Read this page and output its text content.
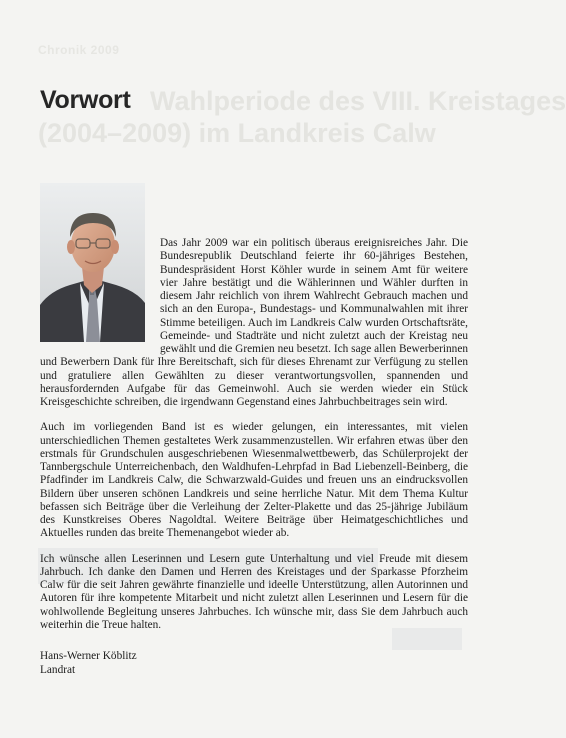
Chronik 2009
Wahlperiode des VIII. Kreistages
(2004–2009) im Landkreis Calw
Vorwort

Das Jahr 2009 war ein politisch überaus ereignisreiches Jahr. Die Bundesrepublik Deutschland feierte ihr 60-jähriges Bestehen, Bundespräsident Horst Köhler wurde in seinem Amt für weitere vier Jahre bestätigt und die Wählerinnen und Wähler durften in diesem Jahr reichlich von ihrem Wahlrecht Gebrauch machen und sich an den Europa-, Bundestags- und Kommunalwahlen mit ihrer Stimme beteiligen. Auch im Landkreis Calw wurden Ortschaftsräte, Gemeinde- und Stadträte und nicht zuletzt auch der Kreistag neu gewählt und die Gremien neu besetzt. Ich sage allen Bewerberinnen und Bewerbern Dank für Ihre Bereitschaft, sich für dieses Ehrenamt zur Verfügung zu stellen und gratuliere allen Gewählten zu dieser verantwortungsvollen, spannenden und herausfordernden Aufgabe für das Gemeinwohl. Auch sie werden wieder ein Stück Kreisgeschichte schreiben, die irgendwann Gegenstand eines Jahrbuchbeitrages sein wird.

Auch im vorliegenden Band ist es wieder gelungen, ein interessantes, mit vielen unterschiedlichen Themen gestaltetes Werk zusammenzustellen. Wir erfahren etwas über den erstmals für Grundschulen ausgeschriebenen Wiesenmalwettbewerb, das Schülerprojekt der Tannbergschule Unterreichenbach, den Waldhufen-Lehrpfad in Bad Liebenzell-Beinberg, die Pfadfinder im Landkreis Calw, die Schwarzwald-Guides und freuen uns an eindrucksvollen Bildern über unseren schönen Landkreis und seine herrliche Natur. Mit dem Thema Kultur befassen sich Beiträge über die Verleihung der Zelter-Plakette und das 25-jährige Jubiläum des Kunstkreises Oberes Nagoldtal. Weitere Beiträge über Heimatgeschichtliches und Aktuelles runden das breite Themenangebot wieder ab.

Ich wünsche allen Leserinnen und Lesern gute Unterhaltung und viel Freude mit diesem Jahrbuch. Ich danke den Damen und Herren des Kreistages und der Sparkasse Pforzheim Calw für die seit Jahren gewährte finanzielle und ideelle Unterstützung, allen Autorinnen und Autoren für ihre kompetente Mitarbeit und nicht zuletzt allen Leserinnen und Lesern für die wohlwollende Begleitung unseres Jahrbuches. Ich wünsche mir, dass Sie dem Jahrbuch auch weiterhin die Treue halten.

Hans-Werner Köblitz
Landrat
